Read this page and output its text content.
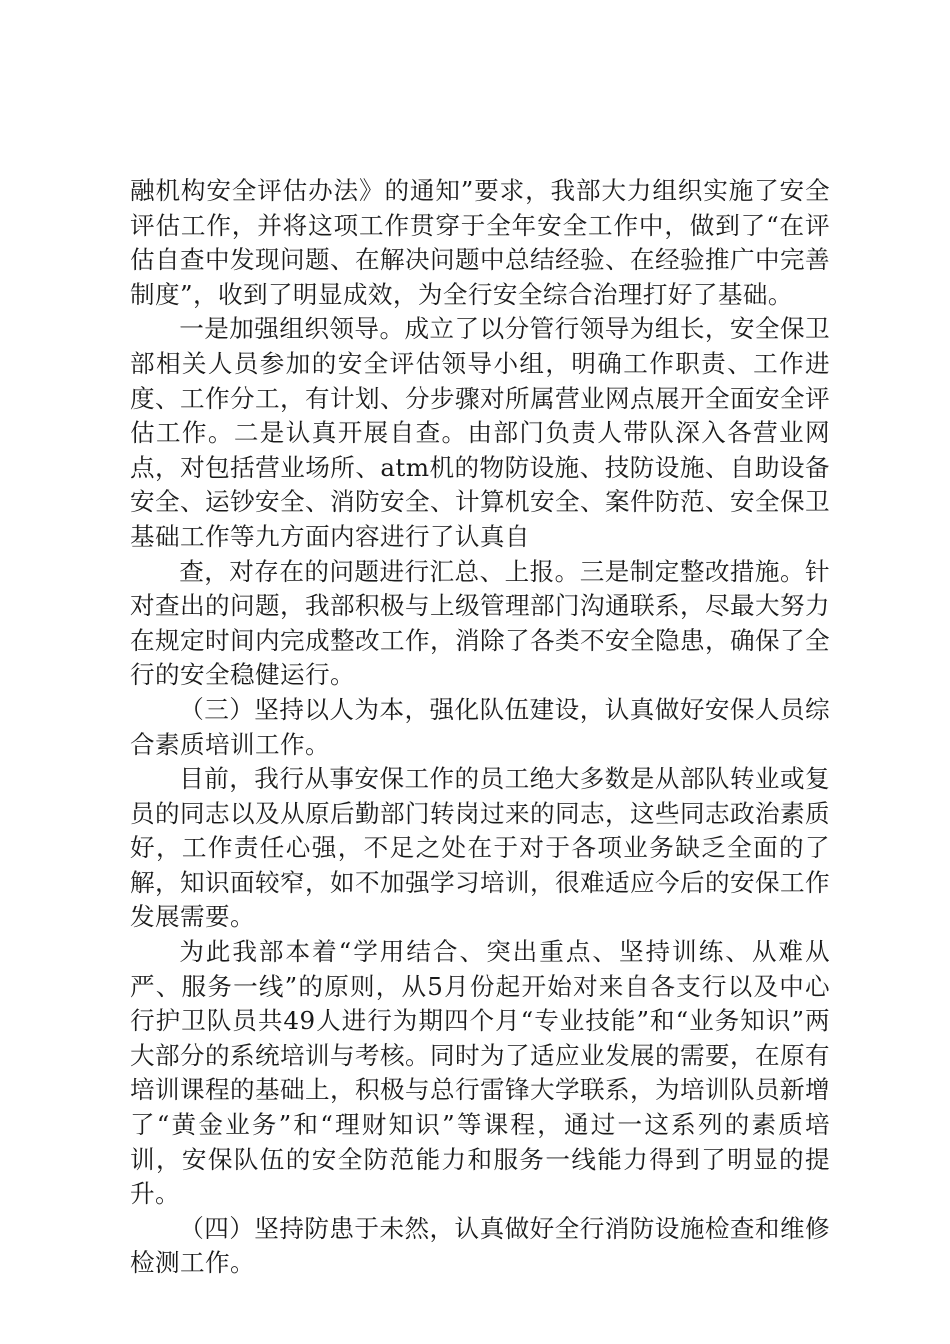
融机构安全评估办法》的通知”要求，我部大力组织实施了安全评估工作，并将这项工作贯穿于全年安全工作中，做到了“在评估自查中发现问题、在解决问题中总结经验、在经验推广中完善制度”，收到了明显成效，为全行安全综合治理打好了基础。

一是加强组织领导。成立了以分管行领导为组长，安全保卫部相关人员参加的安全评估领导小组，明确工作职责、工作进度、工作分工，有计划、分步骤对所属营业网点展开全面安全评估工作。二是认真开展自查。由部门负责人带队深入各营业网点，对包括营业场所、atm机的物防设施、技防设施、自助设备安全、运钞安全、消防安全、计算机安全、案件防范、安全保卫基础工作等九方面内容进行了认真自

查，对存在的问题进行汇总、上报。三是制定整改措施。针对查出的问题，我部积极与上级管理部门沟通联系，尽最大努力在规定时间内完成整改工作，消除了各类不安全隐患，确保了全行的安全稳健运行。

（三）坚持以人为本，强化队伍建设，认真做好安保人员综合素质培训工作。

目前，我行从事安保工作的员工绝大多数是从部队转业或复员的同志以及从原后勤部门转岗过来的同志，这些同志政治素质好，工作责任心强，不足之处在于对于各项业务缺乏全面的了解，知识面较窄，如不加强学习培训，很难适应今后的安保工作发展需要。

为此我部本着“学用结合、突出重点、坚持训练、从难从严、服务一线”的原则，从5月份起开始对来自各支行以及中心行护卫队员共49人进行为期四个月“专业技能”和“业务知识”两大部分的系统培训与考核。同时为了适应业发展的需要，在原有培训课程的基础上，积极与总行雷锋大学联系，为培训队员新增了“黄金业务”和“理财知识”等课程，通过一这系列的素质培训，安保队伍的安全防范能力和服务一线能力得到了明显的提升。

（四）坚持防患于未然，认真做好全行消防设施检查和维修检测工作。
